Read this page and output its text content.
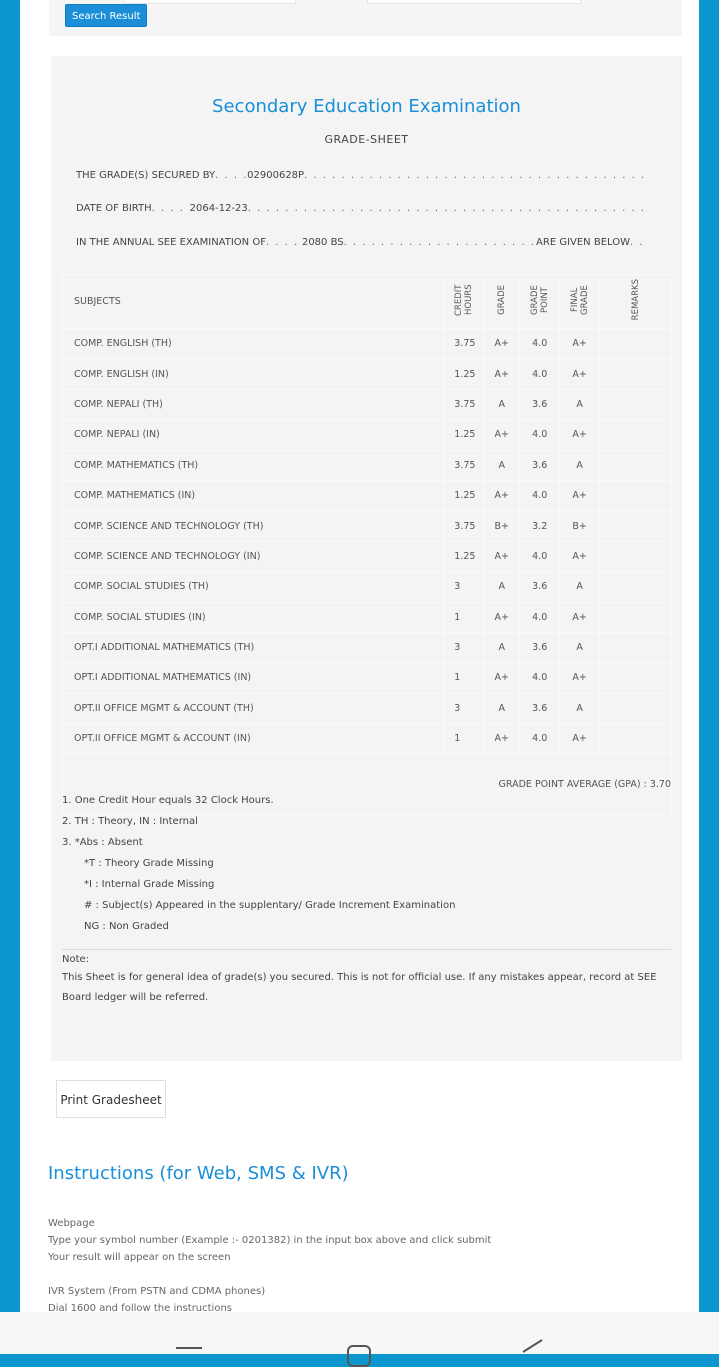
Search Result
Secondary Education Examination
GRADE-SHEET
THE GRADE(S) SECURED BY . . .	02900628P
. . .
DATE OF BIRTH . . .	2064-12-23
. . .
IN THE ANNUAL SEE EXAMINATION OF . . .	2080 BS . . .	ARE GIVEN BELOW
. . .
SUBJECTS	CREDIT HOURS	GRADE	GRADE POINT	FINAL GRADE	REMARKS
COMP. ENGLISH (TH)	3.75	A+	4.0	A+	
COMP. ENGLISH (IN)	1.25	A+	4.0	A+	
COMP. NEPALI (TH)	3.75	A	3.6	A	
COMP. NEPALI (IN)	1.25	A+	4.0	A+	
COMP. MATHEMATICS (TH)	3.75	A	3.6	A	
COMP. MATHEMATICS (IN)	1.25	A+	4.0	A+	
COMP. SCIENCE AND TECHNOLOGY (TH)	3.75	B+	3.2	B+	
COMP. SCIENCE AND TECHNOLOGY (IN)	1.25	A+	4.0	A+	
COMP. SOCIAL STUDIES (TH)	3	A	3.6	A	
COMP. SOCIAL STUDIES (IN)	1	A+	4.0	A+	
OPT.I ADDITIONAL MATHEMATICS (TH)	3	A	3.6	A	
OPT.I ADDITIONAL MATHEMATICS (IN)	1	A+	4.0	A+	
OPT.II OFFICE MGMT & ACCOUNT (TH)	3	A	3.6	A	
OPT.II OFFICE MGMT & ACCOUNT (IN)	1	A+	4.0	A+	
GRADE POINT AVERAGE (GPA) : 3.70					
1. One Credit Hour equals 32 Clock Hours.
2. TH : Theory, IN : Internal
3. *Abs : Absent
*T : Theory Grade Missing
*I : Internal Grade Missing
# : Subject(s) Appeared in the supplentary/ Grade Increment Examination
NG : Non Graded
Note:
This Sheet is for general idea of grade(s) you secured. This is not for official use. If any mistakes appear, record at SEE Board ledger will be referred.
Print Gradesheet
Instructions (for Web, SMS & IVR)
Webpage
Type your symbol number (Example :- 0201382) in the input box above and click submit
Your result will appear on the screen
IVR System (From PSTN and CDMA phones)
Dial 1600 and follow the instructions
